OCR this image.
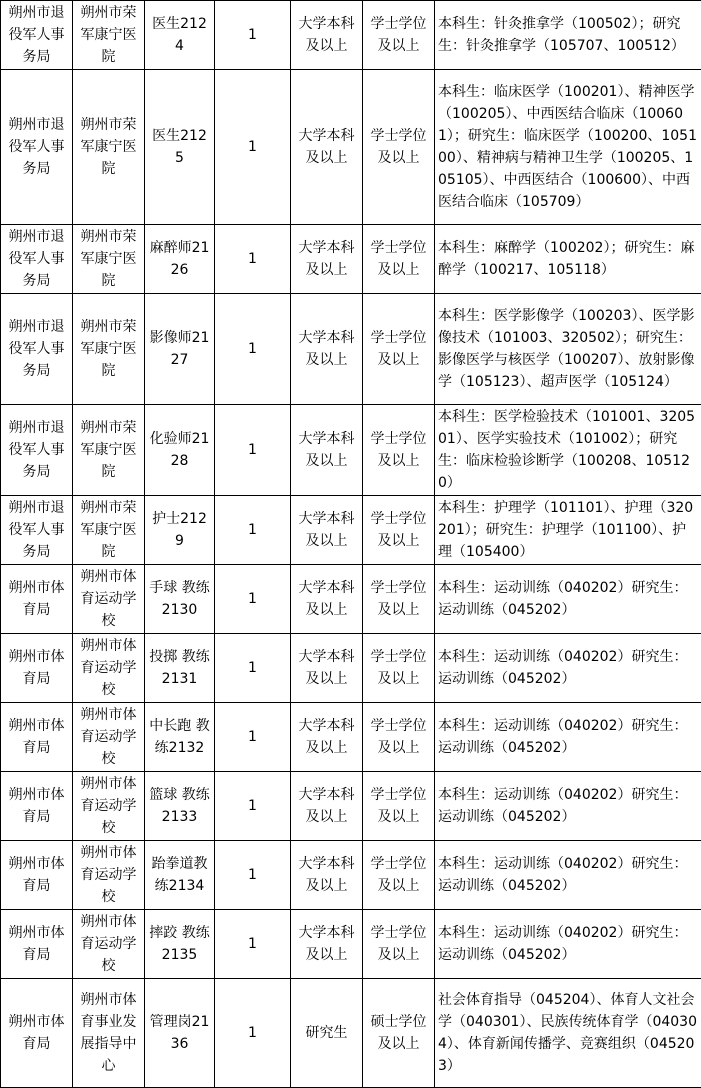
朔州市退役军人事务局	朔州市荣军康宁医院	医生2124	1	大学本科及以上	学士学位及以上	本科生：针灸推拿学（100502）；研究生：针灸推拿学（105707、100512）
朔州市退役军人事务局	朔州市荣军康宁医院	医生2125	1	大学本科及以上	学士学位及以上	本科生：临床医学（100201）、精神医学（100205）、中西医结合临床（100601）；研究生：临床医学（100200、105100）、精神病与精神卫生学（100205、105105）、中西医结合（100600）、中西医结合临床（105709）
朔州市退役军人事务局	朔州市荣军康宁医院	麻醉师2126	1	大学本科及以上	学士学位及以上	本科生：麻醉学（100202）；研究生：麻醉学（100217、105118）
朔州市退役军人事务局	朔州市荣军康宁医院	影像师2127	1	大学本科及以上	学士学位及以上	本科生：医学影像学（100203）、医学影像技术（101003、320502）；研究生：影像医学与核医学（100207）、放射影像学（105123）、超声医学（105124）
朔州市退役军人事务局	朔州市荣军康宁医院	化验师2128	1	大学本科及以上	学士学位及以上	本科生：医学检验技术（101001、320501）、医学实验技术（101002）；研究生：临床检验诊断学（100208、105120）
朔州市退役军人事务局	朔州市荣军康宁医院	护士2129	1	大学本科及以上	学士学位及以上	本科生：护理学（101101）、护理（320201）；研究生：护理学（101100）、护理（105400）
朔州市体育局	朔州市体育运动学校	手球 教练2130	1	大学本科及以上	学士学位及以上	本科生：运动训练（040202）研究生：运动训练（045202）
朔州市体育局	朔州市体育运动学校	投掷 教练2131	1	大学本科及以上	学士学位及以上	本科生：运动训练（040202）研究生：运动训练（045202）
朔州市体育局	朔州市体育运动学校	中长跑 教练2132	1	大学本科及以上	学士学位及以上	本科生：运动训练（040202）研究生：运动训练（045202）
朔州市体育局	朔州市体育运动学校	篮球 教练2133	1	大学本科及以上	学士学位及以上	本科生：运动训练（040202）研究生：运动训练（045202）
朔州市体育局	朔州市体育运动学校	跆拳道教练2134	1	大学本科及以上	学士学位及以上	本科生：运动训练（040202）研究生：运动训练（045202）
朔州市体育局	朔州市体育运动学校	摔跤 教练2135	1	大学本科及以上	学士学位及以上	本科生：运动训练（040202）研究生：运动训练（045202）
朔州市体育局	朔州市体育事业发展指导中心	管理岗2136	1	研究生	硕士学位及以上	社会体育指导（045204）、体育人文社会学（040301）、民族传统体育学（040304）、体育新闻传播学、竞赛组织（045203）
